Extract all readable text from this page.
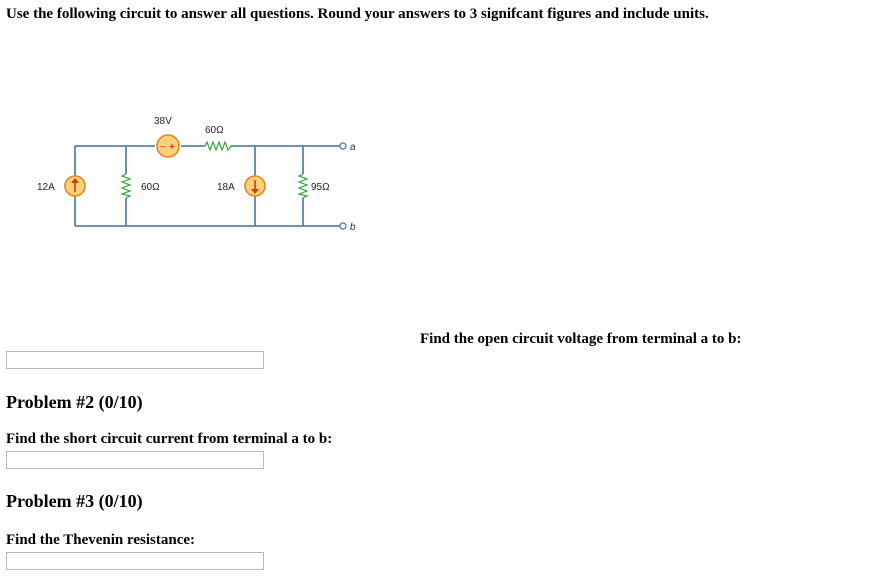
Use the following circuit to answer all questions. Round your answers to 3 signifcant figures and include units.
a
b
12A	60Ω
− +
38V
60Ω
18A	95Ω
Find the open circuit voltage from terminal a to b:
Problem #2 (0/10)
Find the short circuit current from terminal a to b:
Problem #3 (0/10)
Find the Thevenin resistance:
